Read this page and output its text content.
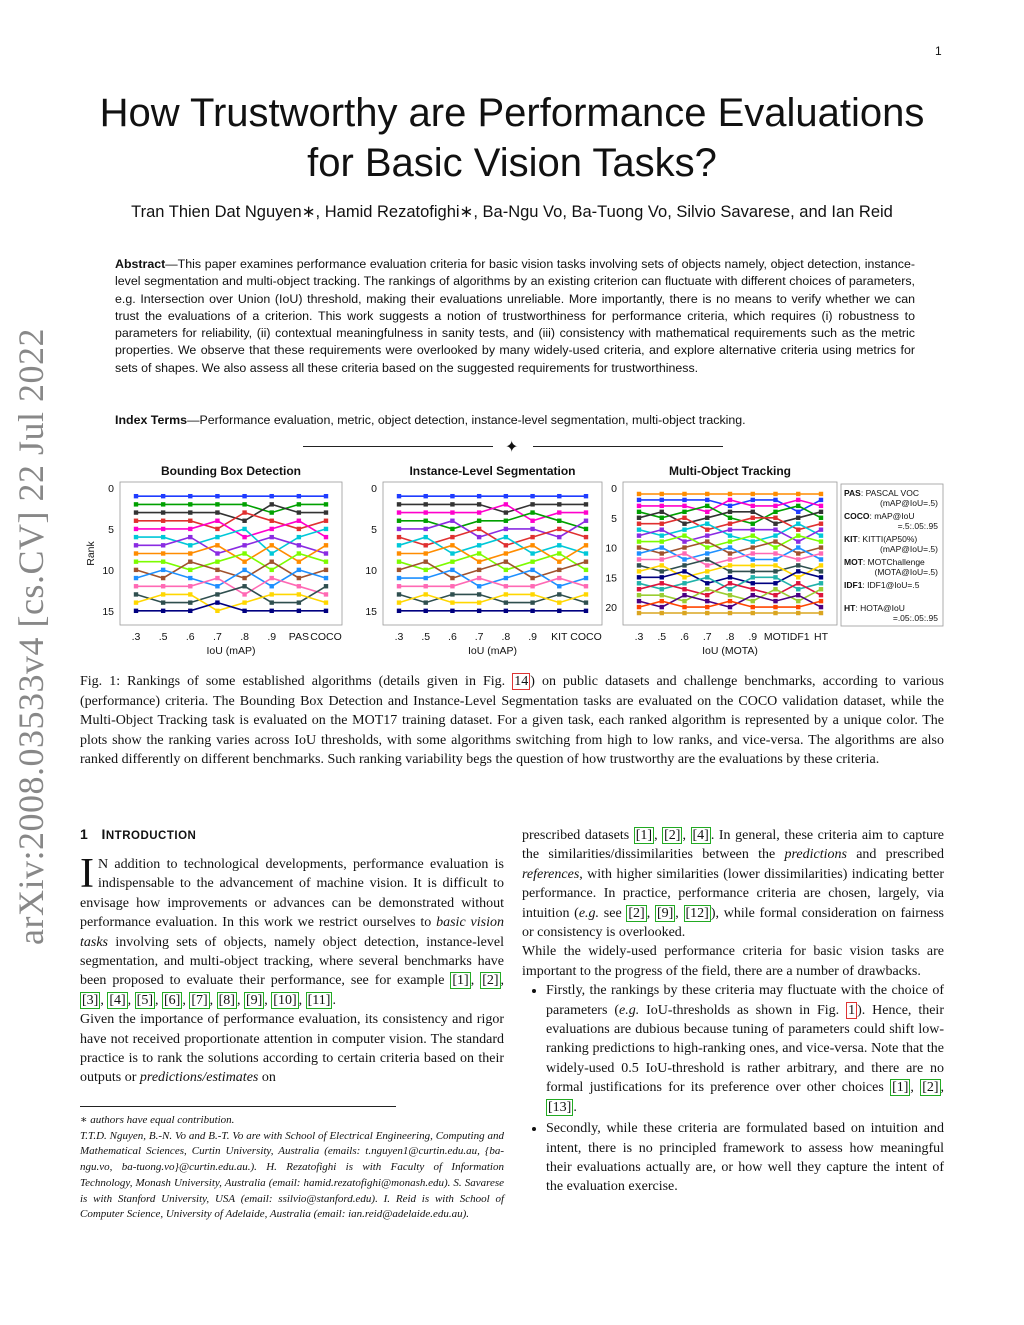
1
arXiv:2008.03533v4 [cs.CV] 22 Jul 2022
How Trustworthy are Performance Evaluations
for Basic Vision Tasks?
Tran Thien Dat Nguyen∗, Hamid Rezatofighi∗, Ba-Ngu Vo, Ba-Tuong Vo, Silvio Savarese, and Ian Reid
Abstract—This paper examines performance evaluation criteria for basic vision tasks involving sets of objects namely, object detection, instance-level segmentation and multi-object tracking. The rankings of algorithms by an existing criterion can fluctuate with different choices of parameters, e.g. Intersection over Union (IoU) threshold, making their evaluations unreliable. More importantly, there is no means to verify whether we can trust the evaluations of a criterion. This work suggests a notion of trustworthiness for performance criteria, which requires (i) robustness to parameters for reliability, (ii) contextual meaningfulness in sanity tests, and (iii) consistency with mathematical requirements such as the metric properties. We observe that these requirements were overlooked by many widely-used criteria, and explore alternative criteria using metrics for sets of shapes. We also assess all these criteria based on the suggested requirements for trustworthiness.
Index Terms—Performance evaluation, metric, object detection, instance-level segmentation, multi-object tracking.
✦
Bounding Box Detection
Rank
IoU (mAP)
.3 .5 .6 .7 .8 .9 PAS COCO
0
5
10
15
Instance-Level Segmentation
IoU (mAP)
.3 .5 .6 .7 .8 .9 KIT COCO
0
5
10
15
Multi-Object Tracking
IoU (MOTA)
.3 .5 .6 .7 .8 .9 MOT IDF1 HT
0
5
10
15
20
PAS: PASCAL VOC
(mAP@IoU=.5)
COCO: mAP@IoU
=.5:.05:.95
KIT: KITTI(AP50%)
(mAP@IoU=.5)
MOT: MOTChallenge
(MOTA@IoU=.5)
IDF1: IDF1@IoU=.5
HT: HOTA@IoU
=.05:.05:.95
Fig. 1: Rankings of some established algorithms (details given in Fig. 14 ) on public datasets and challenge benchmarks, according to various (performance) criteria. The Bounding Box Detection and Instance-Level Segmentation tasks are evaluated on the COCO validation dataset, while the Multi-Object Tracking task is evaluated on the MOT17 training dataset. For a given task, each ranked algorithm is represented by a unique color. The plots show the ranking varies across IoU thresholds, with some algorithms switching from high to low ranks, and vice-versa. The algorithms are also ranked differently on different benchmarks. Such ranking variability begs the question of how trustworthy are the evaluations by these criteria.
1 INTRODUCTION

I N addition to technological developments, performance evaluation is indispensable to the advancement of machine vision. It is difficult to envisage how improvements or advances can be demonstrated without performance evaluation. In this work we restrict ourselves to basic vision tasks involving sets of objects, namely object detection, instance-level segmentation, and multi-object tracking, where several benchmarks have been proposed to evaluate their performance, see for example [1] , [2] , [3] , [4] , [5] , [6] , [7] , [8] , [9] , [10] , [11] .

Given the importance of performance evaluation, its consistency and rigor have not received proportionate attention in computer vision. The standard practice is to rank the solutions according to certain criteria based on their outputs or predictions/estimates on

∗ authors have equal contribution.
T.T.D. Nguyen, B.-N. Vo and B.-T. Vo are with School of Electrical Engineering, Computing and Mathematical Sciences, Curtin University, Australia (emails: t.nguyen1@curtin.edu.au, {ba-ngu.vo, ba-tuong.vo}@curtin.edu.au.). H. Rezatofighi is with Faculty of Information Technology, Monash University, Australia (email: hamid.rezatofighi@monash.edu). S. Savarese is with Stanford University, USA (email: ssilvio@stanford.edu). I. Reid is with School of Computer Science, University of Adelaide, Australia (email: ian.reid@adelaide.edu.au).

prescribed datasets [1] , [2] , [4] . In general, these criteria aim to capture the similarities/dissimilarities between the predictions and prescribed references, with higher similarities (lower dissimilarities) indicating better performance. In practice, performance criteria are chosen, largely, via intuition (e.g. see [2] , [9] , [12] ), while formal consideration on fairness or consistency is overlooked.

While the widely-used performance criteria for basic vision tasks are important to the progress of the field, there are a number of drawbacks.

• Firstly, the rankings by these criteria may fluctuate with the choice of parameters (e.g. IoU-thresholds as shown in Fig. 1 ). Hence, their evaluations are dubious because tuning of parameters could shift low-ranking predictions to high-ranking ones, and vice-versa. Note that the widely-used 0.5 IoU-threshold is rather arbitrary, and there are no formal justifications for its preference over other choices [1] , [2] , [13] .
• Secondly, while these criteria are formulated based on intuition and intent, there is no principled framework to assess how meaningful their evaluations actually are, or how well they capture the intent of the evaluation exercise.
